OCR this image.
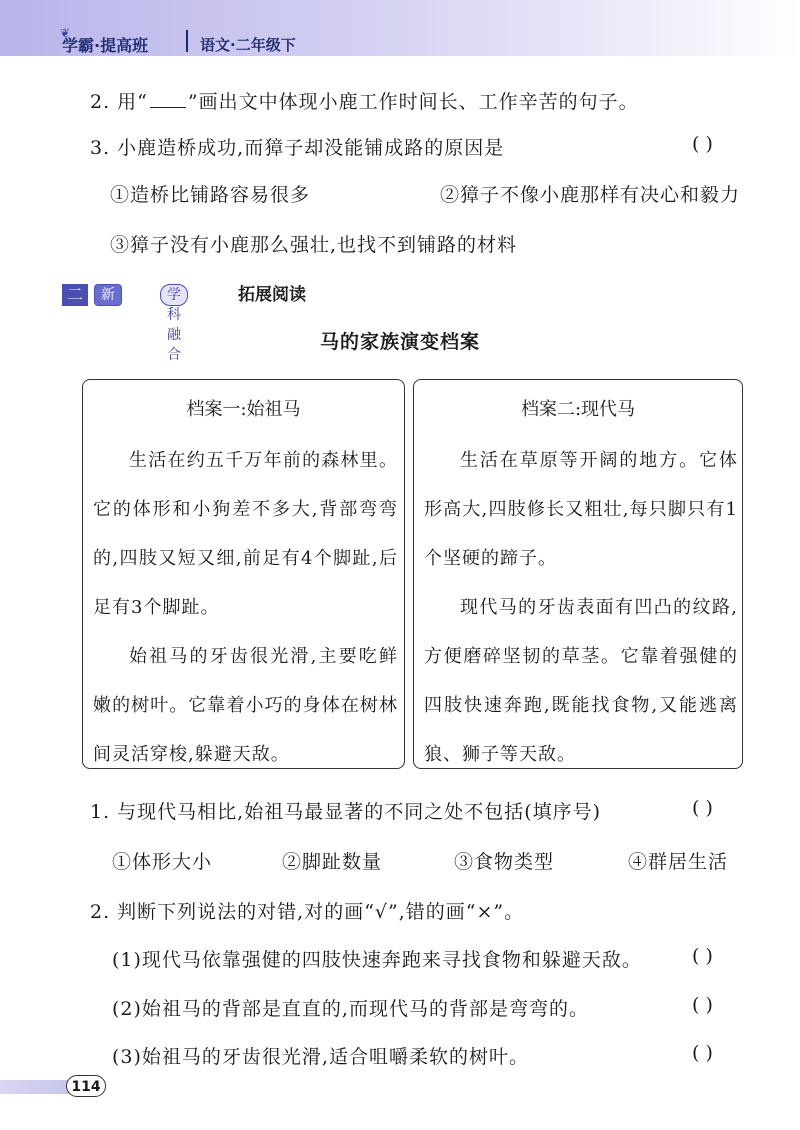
❦
学霸·提高班	语文·二年级下
2. 用“ ”画出文中体现小鹿工作时间长、工作辛苦的句子。
3. 小鹿造桥成功,而獐子却没能铺成路的原因是	( )
①造桥比铺路容易很多	②獐子不像小鹿那样有决心和毅力
③獐子没有小鹿那么强壮,也找不到铺路的材料
二	新趋势
学科融合
拓展阅读
马的家族演变档案
档案一:始祖马

生活在约五千万年前的森林里。它的体形和小狗差不多大,背部弯弯的,四肢又短又细,前足有4个脚趾,后足有3个脚趾。

始祖马的牙齿很光滑,主要吃鲜嫩的树叶。它靠着小巧的身体在树林间灵活穿梭,躲避天敌。

档案二:现代马

生活在草原等开阔的地方。它体形高大,四肢修长又粗壮,每只脚只有1个坚硬的蹄子。

现代马的牙齿表面有凹凸的纹路,方便磨碎坚韧的草茎。它靠着强健的四肢快速奔跑,既能找食物,又能逃离狼、狮子等天敌。

1. 与现代马相比,始祖马最显著的不同之处不包括(填序号)	( )
①体形大小	②脚趾数量	③食物类型	④群居生活
2. 判断下列说法的对错,对的画“√”,错的画“×”。
(1)现代马依靠强健的四肢快速奔跑来寻找食物和躲避天敌。	( )
(2)始祖马的背部是直直的,而现代马的背部是弯弯的。	( )
(3)始祖马的牙齿很光滑,适合咀嚼柔软的树叶。	( )
114
